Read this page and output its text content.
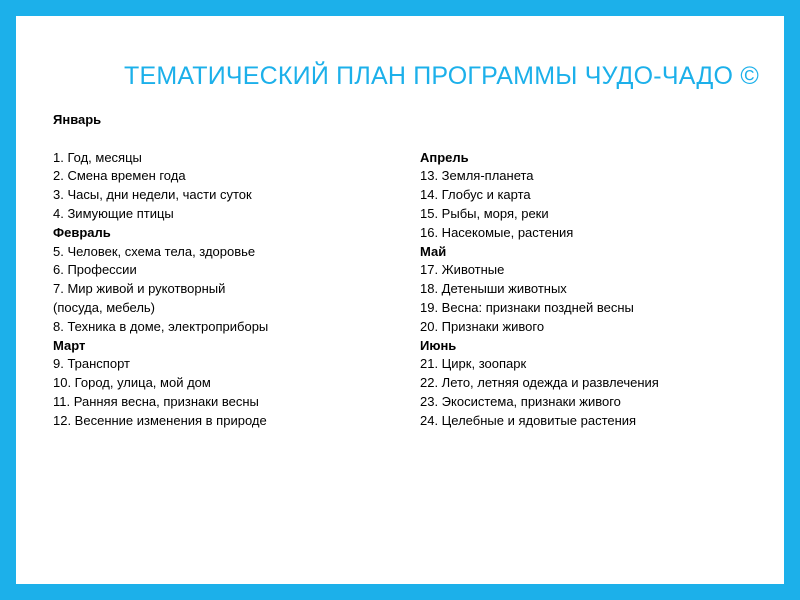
ТЕМАТИЧЕСКИЙ ПЛАН ПРОГРАММЫ ЧУДО-ЧАДО ©
Январь
1. Год, месяцы
2. Смена времен года
3. Часы, дни недели, части суток
4. Зимующие птицы
Февраль
5. Человек, схема тела, здоровье
6. Профессии
7. Мир живой и рукотворный
(посуда, мебель)
8. Техника в доме, электроприборы
Март
9. Транспорт
10. Город, улица, мой дом
11. Ранняя весна, признаки весны
12. Весенние изменения в природе
Апрель
13. Земля-планета
14. Глобус и карта
15. Рыбы, моря, реки
16. Насекомые, растения
Май
17. Животные
18. Детеныши животных
19. Весна: признаки поздней весны
20. Признаки живого
Июнь
21. Цирк, зоопарк
22. Лето, летняя одежда и развлечения
23. Экосистема, признаки живого
24. Целебные и ядовитые растения
